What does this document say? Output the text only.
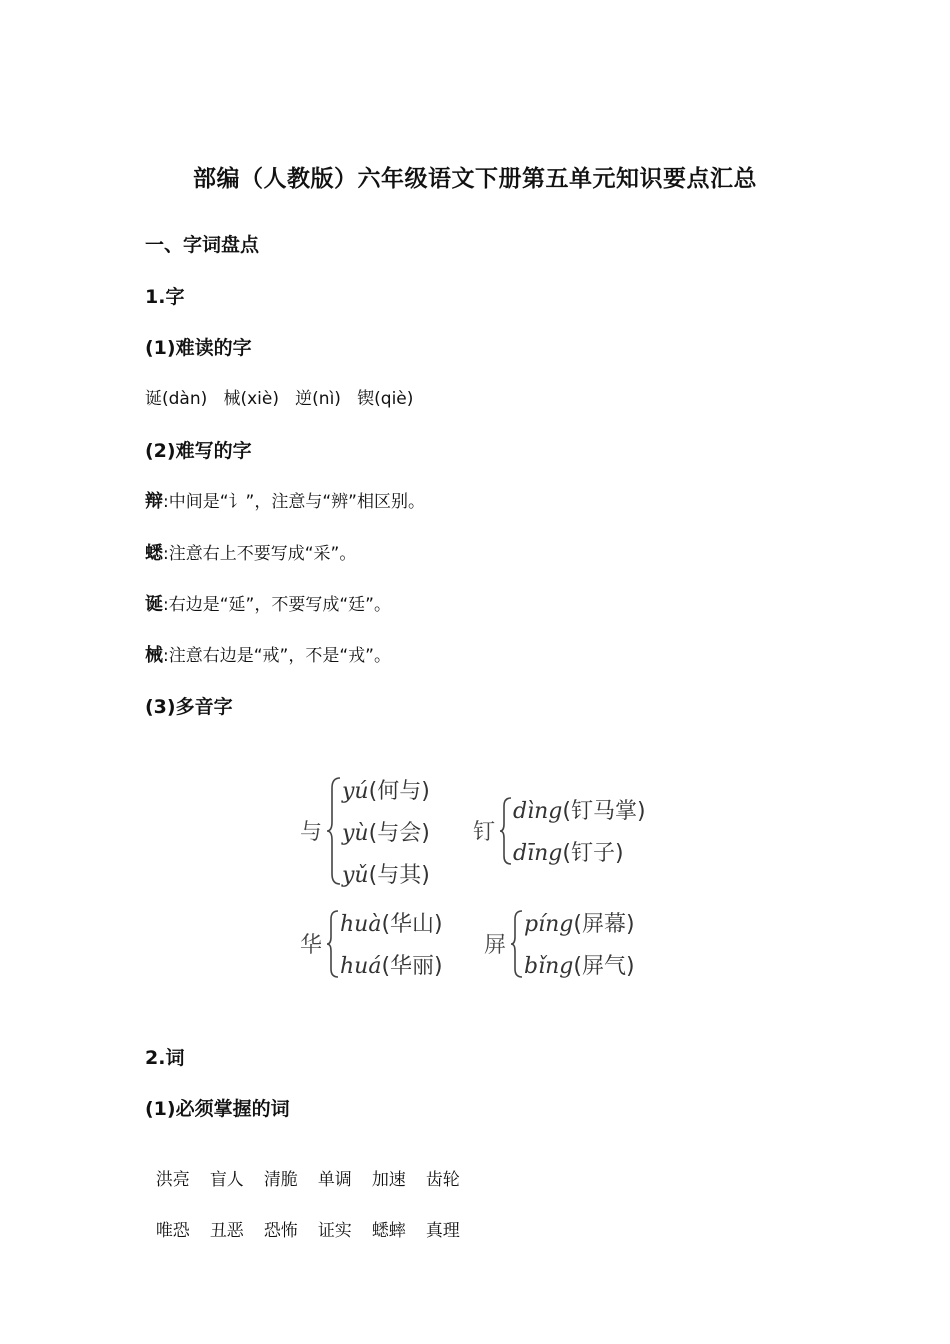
部编（人教版）六年级语文下册第五单元知识要点汇总
一、字词盘点
1.字
(1)难读的字
诞(dàn)   械(xiè)   逆(nì)   锲(qiè)
(2)难写的字
辩:中间是“讠”，注意与“辨”相区别。
蟋:注意右上不要写成“采”。
诞:右边是“延”，不要写成“廷”。
械:注意右边是“戒”，不是“戎”。
(3)多音字
与
yú(何与)
yù(与会)
yǔ(与其)
钉
dìng(钉马掌)
dīng(钉子)
华
huà(华山)
huá(华丽)
屏
píng(屏幕)
bǐng(屏气)
2.词
(1)必须掌握的词

洪亮 盲人 清脆 单调 加速 齿轮

唯恐 丑恶 恐怖 证实 蟋蟀 真理
